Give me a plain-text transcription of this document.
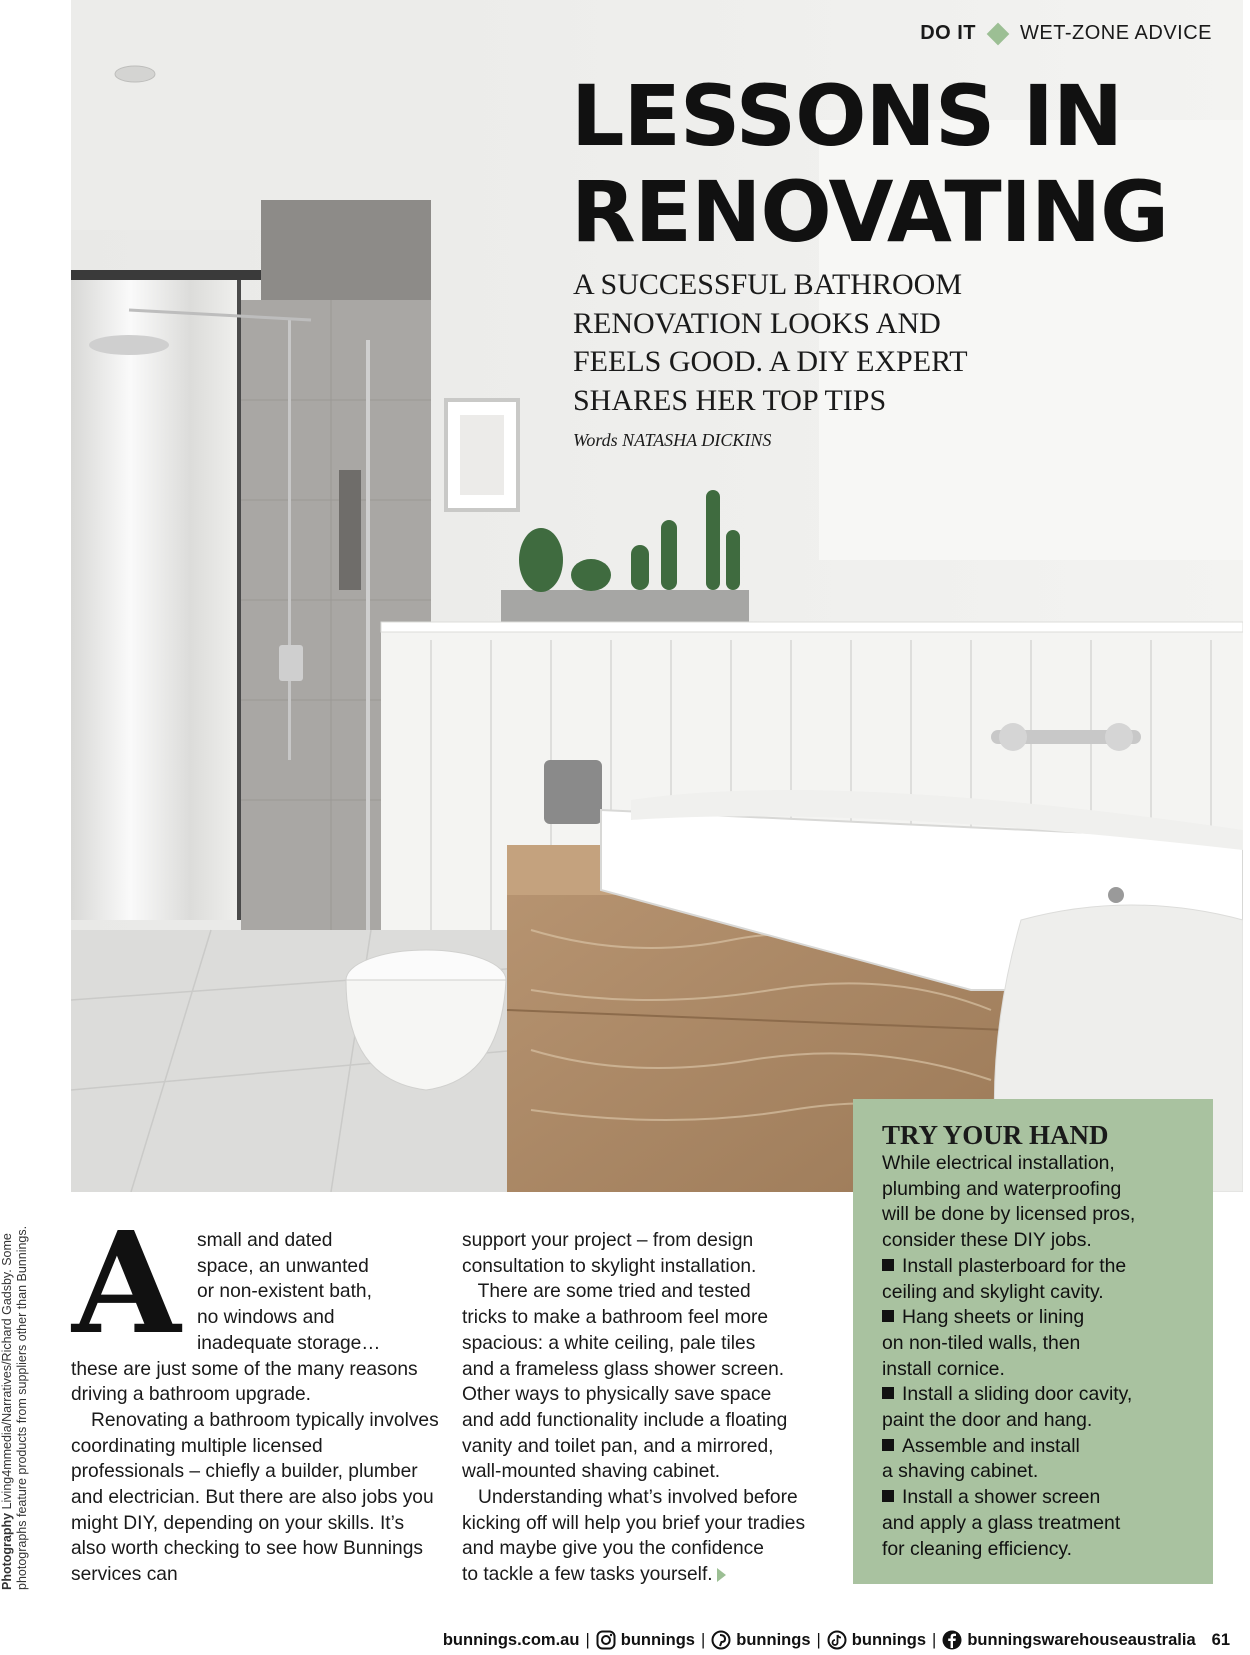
DO IT WET-ZONE ADVICE
LESSONS IN
RENOVATING

A SUCCESSFUL BATHROOM
RENOVATION LOOKS AND
FEELS GOOD. A DIY EXPERT
SHARES HER TOP TIPS

Words NATASHA DICKINS
A small and dated
space, an unwanted
or non-existent bath,
no windows and
inadequate storage…
these are just some of the many reasons driving a bathroom upgrade.

Renovating a bathroom typically involves coordinating multiple licensed professionals – chiefly a builder, plumber and electrician. But there are also jobs you might DIY, depending on your skills. It’s also worth checking to see how Bunnings services can

support your project – from design
consultation to skylight installation.
There are some tried and tested
tricks to make a bathroom feel more
spacious: a white ceiling, pale tiles
and a frameless glass shower screen.
Other ways to physically save space
and add functionality include a floating
vanity and toilet pan, and a mirrored,
wall-mounted shaving cabinet.
Understanding what’s involved before
kicking off will help you brief your tradies
and maybe give you the confidence
to tackle a few tasks yourself.
TRY YOUR HAND
While electrical installation,
plumbing and waterproofing
will be done by licensed pros,
consider these DIY jobs.
Install plasterboard for the
ceiling and skylight cavity.
Hang sheets or lining
on non-tiled walls, then
install cornice.
Install a sliding door cavity,
paint the door and hang.
Assemble and install
a shaving cabinet.
Install a shower screen
and apply a glass treatment
for cleaning efficiency.
Photography Living4mmedia/Narratives/Richard Gadsby. Some photographs feature products from suppliers other than Bunnings.
bunnings.com.au | bunnings | bunnings | bunnings | bunningswarehouseaustralia 61
